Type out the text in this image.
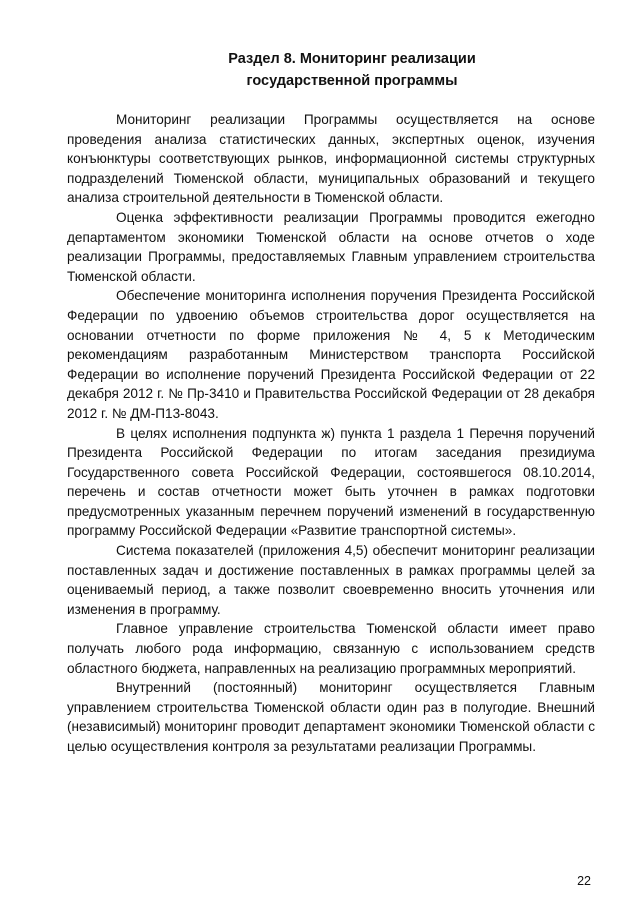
Раздел 8. Мониторинг реализации
государственной программы

Мониторинг реализации Программы осуществляется на основе проведения анализа статистических данных, экспертных оценок, изучения конъюнктуры соответствующих рынков, информационной системы структурных подразделений Тюменской области, муниципальных образований и текущего анализа строительной деятельности в Тюменской области.

Оценка эффективности реализации Программы проводится ежегодно департаментом экономики Тюменской области на основе отчетов о ходе реализации Программы, предоставляемых Главным управлением строительства Тюменской области.

Обеспечение мониторинга исполнения поручения Президента Российской Федерации по удвоению объемов строительства дорог осуществляется на основании отчетности по форме приложения № 4, 5 к Методическим рекомендациям разработанным Министерством транспорта Российской Федерации во исполнение поручений Президента Российской Федерации от 22 декабря 2012 г. № Пр-3410 и Правительства Российской Федерации от 28 декабря 2012 г. № ДМ-П13-8043.

В целях исполнения подпункта ж) пункта 1 раздела 1 Перечня поручений Президента Российской Федерации по итогам заседания президиума Государственного совета Российской Федерации, состоявшегося 08.10.2014, перечень и состав отчетности может быть уточнен в рамках подготовки предусмотренных указанным перечнем поручений изменений в государственную программу Российской Федерации «Развитие транспортной системы».

Система показателей (приложения 4,5) обеспечит мониторинг реализации поставленных задач и достижение поставленных в рамках программы целей за оцениваемый период, а также позволит своевременно вносить уточнения или изменения в программу.

Главное управление строительства Тюменской области имеет право получать любого рода информацию, связанную с использованием средств областного бюджета, направленных на реализацию программных мероприятий.

Внутренний (постоянный) мониторинг осуществляется Главным управлением строительства Тюменской области один раз в полугодие. Внешний (независимый) мониторинг проводит департамент экономики Тюменской области с целью осуществления контроля за результатами реализации Программы.

22
